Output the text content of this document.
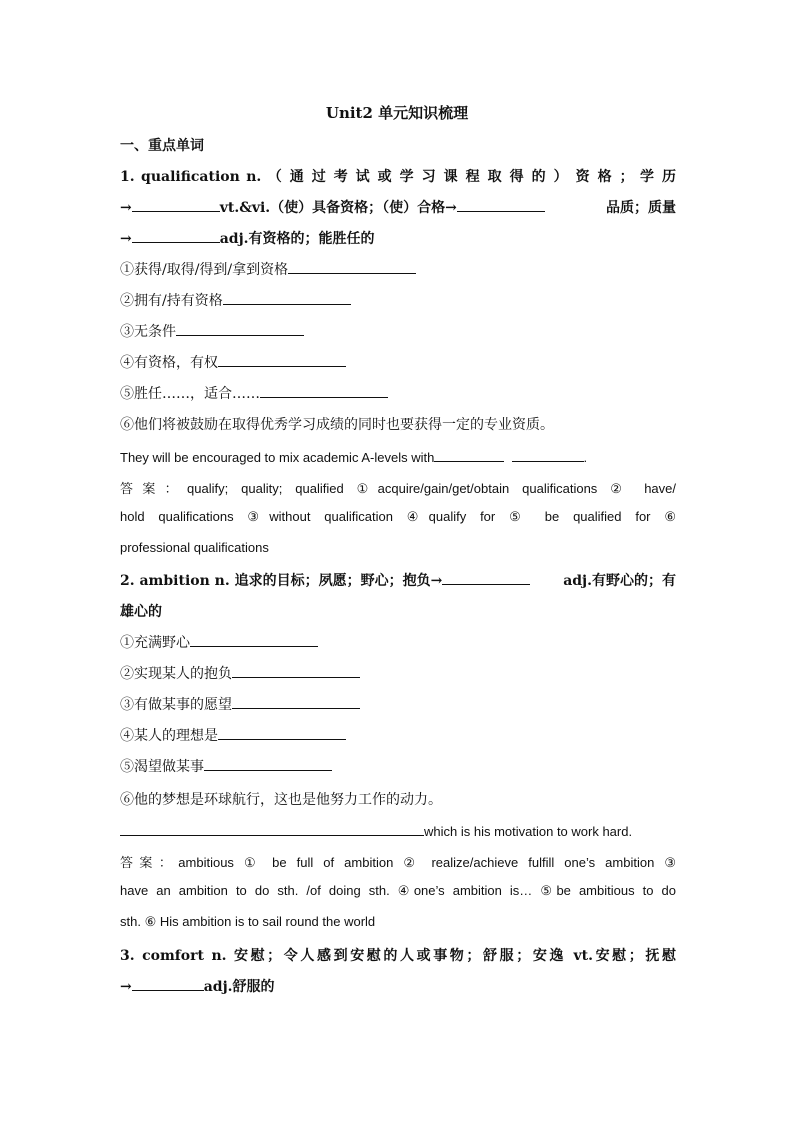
Unit2 单元知识梳理
一、重点单词
1. qualification n. （ 通 过 考 试 或 学 习 课 程 取 得 的 ） 资 格 ； 学 历
→	vt.&vi.（使）具备资格；（使）合格→	品质；质量
→	adj.有资格的；能胜任的
①获得/取得/得到/拿到资格
②拥有/持有资格
③无条件
④有资格，有权
⑤胜任……，适合……
⑥他们将被鼓励在取得优秀学习成绩的同时也要获得一定的专业资质。
They will be encouraged to mix academic A-levels with	.
答案：qualify; quality; qualified ①acquire/gain/get/obtain qualifications ② have/
hold qualifications ③without qualification ④qualify for ⑤ be qualified for ⑥
professional qualifications
2. ambition n. 追求的目标；夙愿；野心；抱负→	adj.有野心的；有
雄心的
①充满野心
②实现某人的抱负
③有做某事的愿望
④某人的理想是
⑤渴望做某事
⑥他的梦想是环球航行，这也是他努力工作的动力。
which is his motivation to work hard.
答案：ambitious ① be full of ambition ② realize/achieve fulfill one’s ambition ③
have an ambition to do sth. /of doing sth. ④one’s ambition is… ⑤be ambitious to do
sth. ⑥ His ambition is to sail round the world
3. comfort n. 安慰；令人感到安慰的人或事物；舒服；安逸 vt.安慰；抚慰
→	adj.舒服的
